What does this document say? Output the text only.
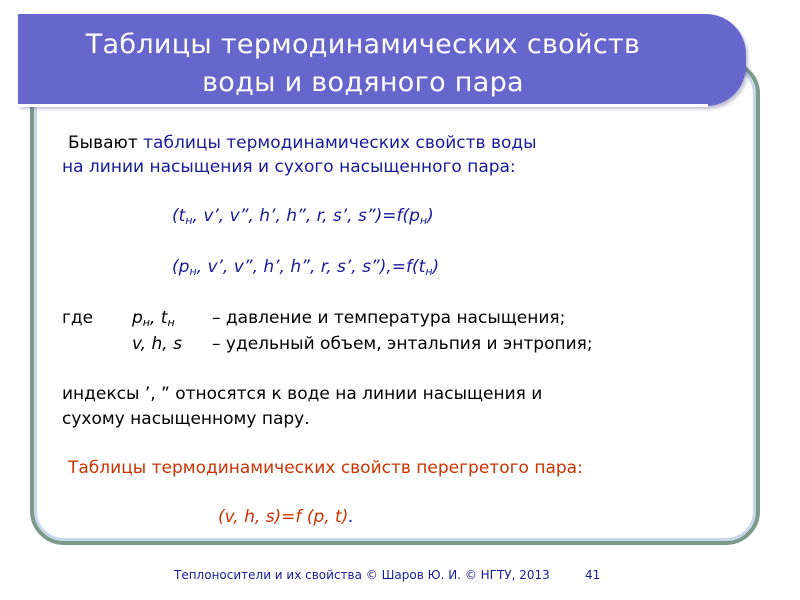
Таблицы термодинамических свойств
воды и водяного пара
Бывают таблицы термодинамических свойств воды
на линии насыщения и сухого насыщенного пара:
(tн, v’, v”, h’, h”, r, s’, s”)=f(pн)
(pн, v’, v”, h’, h”, r, s’, s”),=f(tн)
где pн, tн – давление и температура насыщения;
v, h, s – удельный объем, энтальпия и энтропия;
индексы ’, ” относятся к воде на линии насыщения и
сухому насыщенному пару.
Таблицы термодинамических свойств перегретого пара:
(v, h, s)=f (p, t).
Теплоносители и их свойства © Шаров Ю. И. © НГТУ, 2013	41
